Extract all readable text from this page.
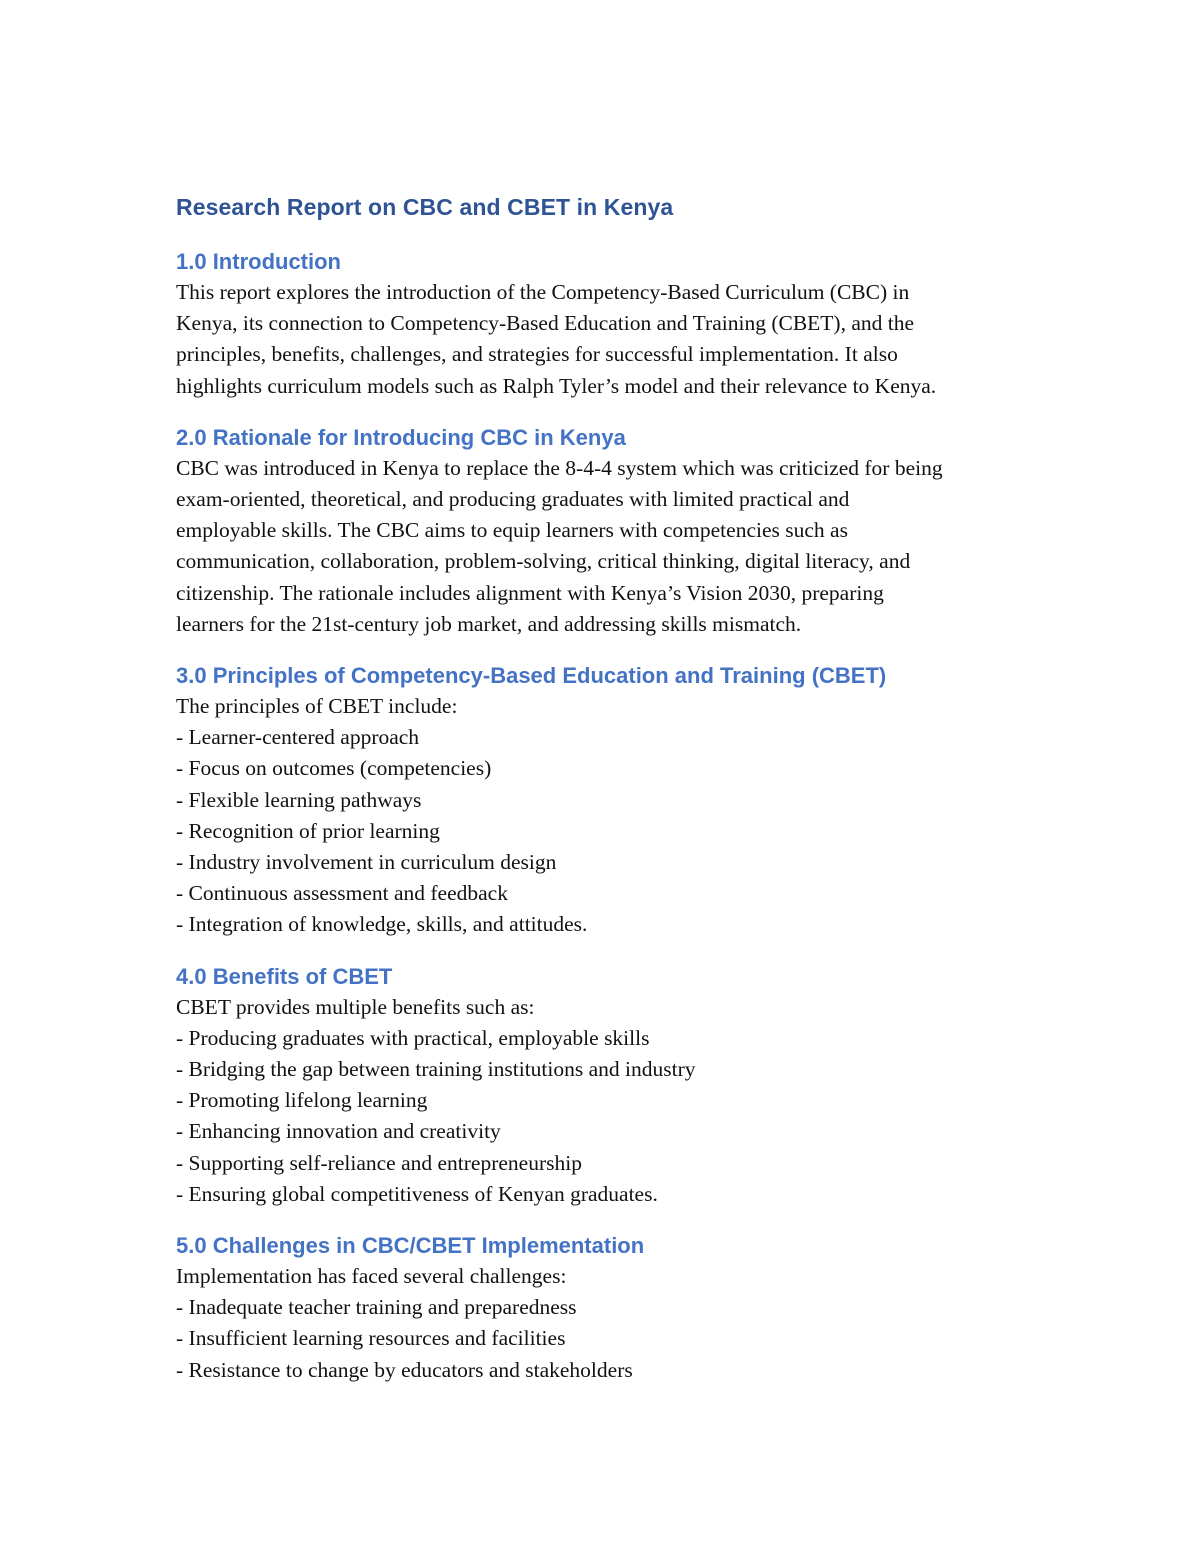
Research Report on CBC and CBET in Kenya
1.0 Introduction

This report explores the introduction of the Competency-Based Curriculum (CBC) in

Kenya, its connection to Competency-Based Education and Training (CBET), and the

principles, benefits, challenges, and strategies for successful implementation. It also

highlights curriculum models such as Ralph Tyler’s model and their relevance to Kenya.

2.0 Rationale for Introducing CBC in Kenya

CBC was introduced in Kenya to replace the 8-4-4 system which was criticized for being

exam-oriented, theoretical, and producing graduates with limited practical and

employable skills. The CBC aims to equip learners with competencies such as

communication, collaboration, problem-solving, critical thinking, digital literacy, and

citizenship. The rationale includes alignment with Kenya’s Vision 2030, preparing

learners for the 21st-century job market, and addressing skills mismatch.

3.0 Principles of Competency-Based Education and Training (CBET)

The principles of CBET include:

- Learner-centered approach
- Focus on outcomes (competencies)
- Flexible learning pathways
- Recognition of prior learning
- Industry involvement in curriculum design
- Continuous assessment and feedback
- Integration of knowledge, skills, and attitudes.
4.0 Benefits of CBET

CBET provides multiple benefits such as:

- Producing graduates with practical, employable skills
- Bridging the gap between training institutions and industry
- Promoting lifelong learning
- Enhancing innovation and creativity
- Supporting self-reliance and entrepreneurship
- Ensuring global competitiveness of Kenyan graduates.
5.0 Challenges in CBC/CBET Implementation

Implementation has faced several challenges:

- Inadequate teacher training and preparedness
- Insufficient learning resources and facilities
- Resistance to change by educators and stakeholders
